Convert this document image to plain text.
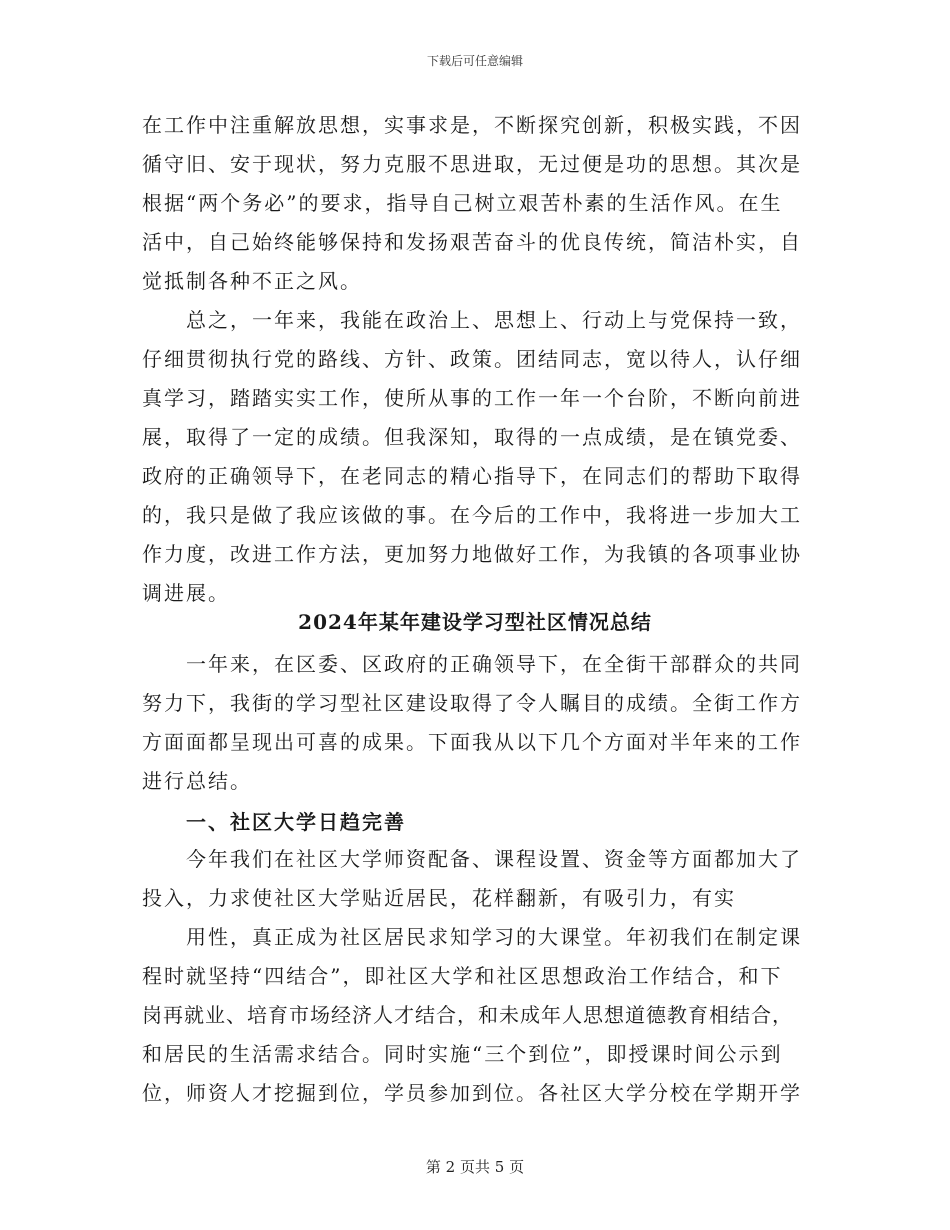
下载后可任意编辑
在工作中注重解放思想，实事求是，不断探究创新，积极实践，不因
循守旧、安于现状，努力克服不思进取，无过便是功的思想。其次是
根据“两个务必”的要求，指导自己树立艰苦朴素的生活作风。在生
活中，自己始终能够保持和发扬艰苦奋斗的优良传统，简洁朴实，自
觉抵制各种不正之风。
总之，一年来，我能在政治上、思想上、行动上与党保持一致，
仔细贯彻执行党的路线、方针、政策。团结同志，宽以待人，认仔细
真学习，踏踏实实工作，使所从事的工作一年一个台阶，不断向前进
展，取得了一定的成绩。但我深知，取得的一点成绩，是在镇党委、
政府的正确领导下，在老同志的精心指导下，在同志们的帮助下取得
的，我只是做了我应该做的事。在今后的工作中，我将进一步加大工
作力度，改进工作方法，更加努力地做好工作，为我镇的各项事业协
调进展。
2024年某年建设学习型社区情况总结
一年来，在区委、区政府的正确领导下，在全街干部群众的共同
努力下，我街的学习型社区建设取得了令人瞩目的成绩。全街工作方
方面面都呈现出可喜的成果。下面我从以下几个方面对半年来的工作
进行总结。
一、社区大学日趋完善
今年我们在社区大学师资配备、课程设置、资金等方面都加大了
投入，力求使社区大学贴近居民，花样翻新，有吸引力，有实
用性，真正成为社区居民求知学习的大课堂。年初我们在制定课
程时就坚持“四结合”，即社区大学和社区思想政治工作结合，和下
岗再就业、培育市场经济人才结合，和未成年人思想道德教育相结合，
和居民的生活需求结合。同时实施“三个到位”，即授课时间公示到
位，师资人才挖掘到位，学员参加到位。各社区大学分校在学期开学
第 2 页共 5 页
